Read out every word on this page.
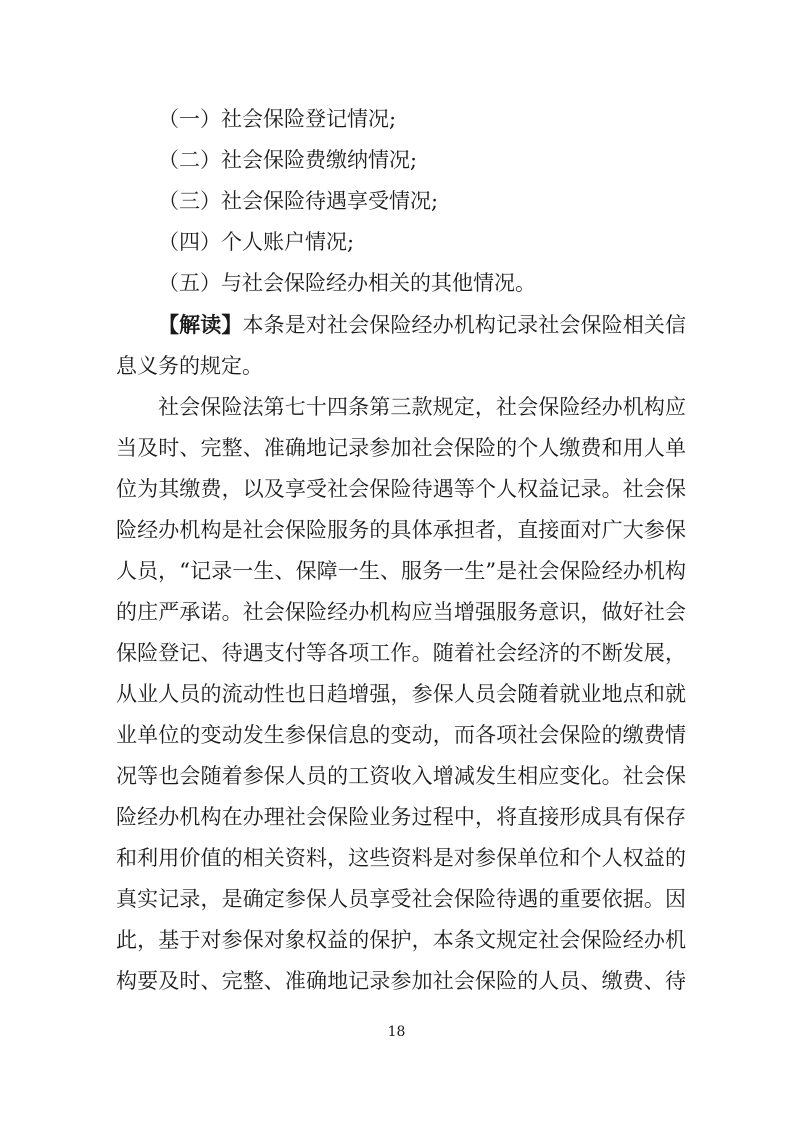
（一）社会保险登记情况;
（二）社会保险费缴纳情况;
（三）社会保险待遇享受情况;
（四）个人账户情况;
（五）与社会保险经办相关的其他情况。
【解读】本条是对社会保险经办机构记录社会保险相关信
息义务的规定。
社会保险法第七十四条第三款规定，社会保险经办机构应
当及时、完整、准确地记录参加社会保险的个人缴费和用人单
位为其缴费，以及享受社会保险待遇等个人权益记录。社会保
险经办机构是社会保险服务的具体承担者，直接面对广大参保
人员，“记录一生、保障一生、服务一生”是社会保险经办机构
的庄严承诺。社会保险经办机构应当增强服务意识，做好社会
保险登记、待遇支付等各项工作。随着社会经济的不断发展，
从业人员的流动性也日趋增强，参保人员会随着就业地点和就
业单位的变动发生参保信息的变动，而各项社会保险的缴费情
况等也会随着参保人员的工资收入增减发生相应变化。社会保
险经办机构在办理社会保险业务过程中，将直接形成具有保存
和利用价值的相关资料，这些资料是对参保单位和个人权益的
真实记录，是确定参保人员享受社会保险待遇的重要依据。因
此，基于对参保对象权益的保护，本条文规定社会保险经办机
构要及时、完整、准确地记录参加社会保险的人员、缴费、待
18
